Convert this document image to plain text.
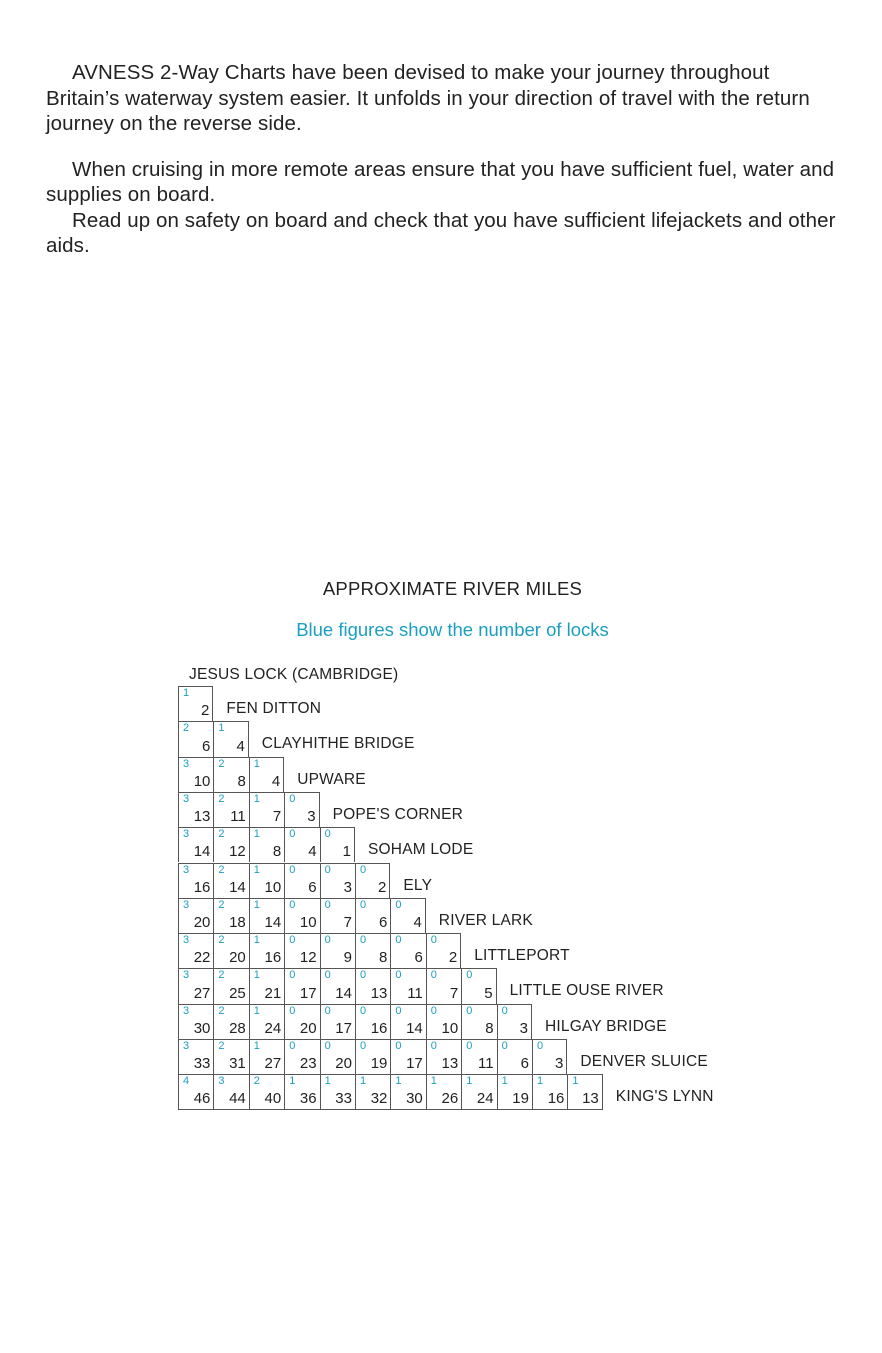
AVNESS 2-Way Charts have been devised to make your journey throughout Britain’s waterway system easier. It unfolds in your direction of travel with the return journey on the reverse side.

When cruising in more remote areas ensure that you have sufficient fuel, water and supplies on board.

Read up on safety on board and check that you have sufficient lifejackets and other aids.

APPROXIMATE RIVER MILES
Blue figures show the number of locks
JESUS LOCK (CAMBRIDGE)
1
2 FEN DITTON
2
6
1
4 CLAYHITHE BRIDGE
3
10
2
8
1
4 UPWARE
3
13
2
11
1
7
0
3 POPE'S CORNER
3
14
2
12
1
8
0
4
0
1 SOHAM LODE
3
16
2
14
1
10
0
6
0
3
0
2 ELY
3
20
2
18
1
14
0
10
0
7
0
6
0
4 RIVER LARK
3
22
2
20
1
16
0
12
0
9
0
8
0
6
0
2 LITTLEPORT
3
27
2
25
1
21
0
17
0
14
0
13
0
11
0
7
0
5 LITTLE OUSE RIVER
3
30
2
28
1
24
0
20
0
17
0
16
0
14
0
10
0
8
0
3 HILGAY BRIDGE
3
33
2
31
1
27
0
23
0
20
0
19
0
17
0
13
0
11
0
6
0
3 DENVER SLUICE
4
46
3
44
2
40
1
36
1
33
1
32
1
30
1
26
1
24
1
19
1
16
1
13 KING'S LYNN
